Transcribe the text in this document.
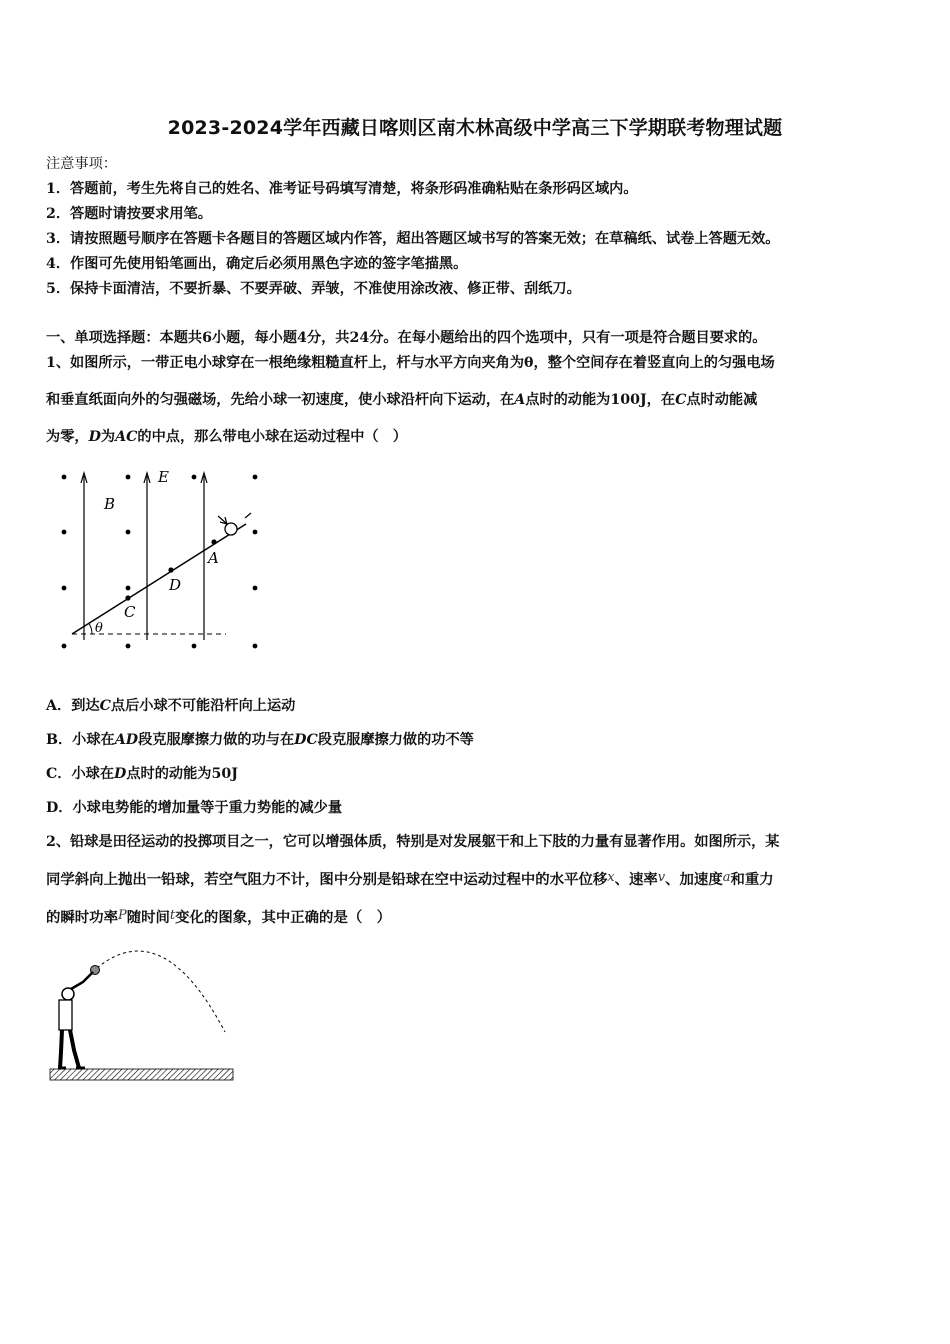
2023-2024学年西藏日喀则区南木林高级中学高三下学期联考物理试题
注意事项：
1．答题前，考生先将自己的姓名、准考证号码填写清楚，将条形码准确粘贴在条形码区域内。
2．答题时请按要求用笔。
3．请按照题号顺序在答题卡各题目的答题区域内作答，超出答题区域书写的答案无效；在草稿纸、试卷上答题无效。
4．作图可先使用铅笔画出，确定后必须用黑色字迹的签字笔描黑。
5．保持卡面清洁，不要折暴、不要弄破、弄皱，不准使用涂改液、修正带、刮纸刀。
一、单项选择题：本题共6小题，每小题4分，共24分。在每小题给出的四个选项中，只有一项是符合题目要求的。
1、如图所示，一带正电小球穿在一根绝缘粗糙直杆上，杆与水平方向夹角为θ，整个空间存在着竖直向上的匀强电场
和垂直纸面向外的匀强磁场，先给小球一初速度，使小球沿杆向下运动，在A点时的动能为100J，在C点时动能减
为零，D为AC的中点，那么带电小球在运动过程中（　）
E
B
A
D
C
θ
A．到达C点后小球不可能沿杆向上运动
B．小球在AD段克服摩擦力做的功与在DC段克服摩擦力做的功不等
C．小球在D点时的动能为50J
D．小球电势能的增加量等于重力势能的减少量
2、铅球是田径运动的投掷项目之一，它可以增强体质，特别是对发展躯干和上下肢的力量有显著作用。如图所示，某
同学斜向上抛出一铅球，若空气阻力不计，图中分别是铅球在空中运动过程中的水平位移x、速率v、加速度a和重力
的瞬时功率P随时间t变化的图象，其中正确的是（　）
